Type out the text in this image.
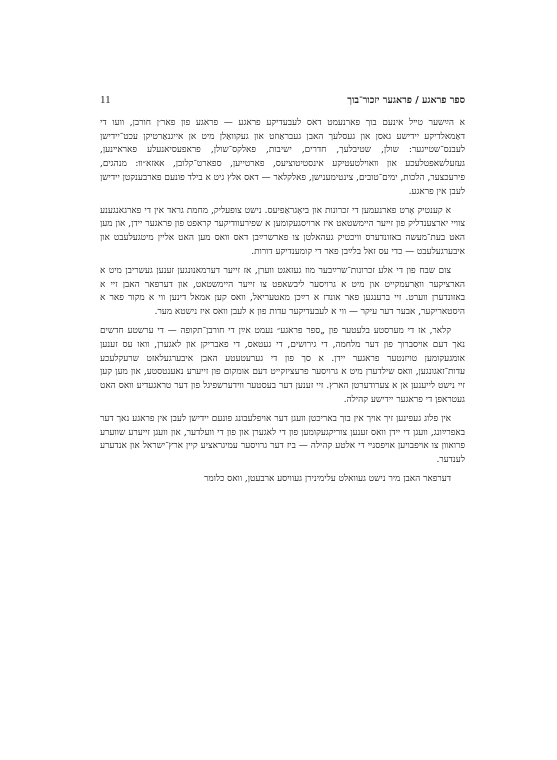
11	ספר פראגע / פראגער יזכור־בוך

א הײַשער טײל אינעם בוך פארנעמט דאס לעבעדיקע פראגע — פראגע פון פאר׳ן חורבן, וועו די דאַמאלדיקע יידישע גאסן און געסלעך האבן געבראַוזט און געקוואַלן מיט אן אייגנאַרטיקן עכט־יידישן לעבנס־שטײגער: שולן, שטיבלעך, חדרים, ישיבות, פאלקס־שולן, פראפעסיאנעלע פאראײנען, געזעלשאפטלעכע און װאוילטעטיקע אינסטיטוציעס, פארטייען, ספארט־קלובן, אאזא״װ: מנהגים, פירעכצער, הלכות, ימים־טובים, צינטימענישן, פאלקלאר — דאס אלץ גיט א בילד פונעם פארבענקטן יידישן לעבן אין פראגע.

א קענטיק אָרט פארנעמען די זכרונות און ביאָגראַפיעס. נישט צופעליק, מחמת גראד אין די פארגאנגענע צוויי יארצענדליק פון זייער היימשטאט איז ארויסגעקומען א שפירעוודיקער קראפט פון פראגער יידן, און מען האט בעת־מעשה באזונדערס וויכטיק געהאלטן צו פארשרײַבן דאס וואס מען האט אליין מיטגעלעבט און איבערגעלעבט — כדי עס זאל בלײַבן פאר די קומענדיקע דורות.

צום שבח פון די אלע זכרונות־שרײַבער מוז געזאגט ווערן, אז זייער דערמאנונגען זענען געשריבן מיט א הארציקער וואַרעמקייט און מיט א גרויסער ליבשאפט צו זייער היימשטאט, און דערפאר האבן זיי א באזונדערן ווערט. זיי ברענגען פאר אונדז א רײַכן מאטעריאל, וואס קען אמאל דינען ווי א מקור פאר א היסטאריקער, אבער דער עיקר — ווי א לעבעדיקער עדות פון א לעבן וואס איז נישטא מער.

קלאר, אז די מערסטע בלעטער פון „ספר פראגע״ נעמט אײַן די חורבן־תקופה — די ערשטע חדשים נאך דעם אויסברוך פון דער מלחמה, די גירושים, די געטאס, די פאבריקן און לאגערן, וואו עס זענען אומגעקומען טויזנטער פראגער יידן. א סך פון די גערעטעטע האבן איבערגעלאזט שרעקלעכע עדות־זאגונגען, וואס שילדערן מיט א גרויסער פרעציזקייט דעם אומקום פון זייערע נאענטסטע, און מען קען זיי נישט לייענען אן א צערודערטן הארץ. זיי זענען דער בעסטער ווידערשפיגל פון דער טראגעדיע וואס האט געטראפן די פראגער יידישע קהילה.

אין פלוג געפינען זיך אויך אין בוך באריכטן וועגן דער אויפלעבונג פונעם יידישן לעבן אין פראגע נאך דער באפרײַונג, וועגן די יידן וואס זענען צוריקגעקומען פון די לאגערן און פון די וועלדער, און וועגן זייערע שווערע פרואוון צו אויפבויען אויפסניי די אלטע קהילה — ביז דער גרויסער עמיגראציע קיין ארץ־ישראל און אנדערע לענדער.

דערפאר האבן מיר נישט געוואלט עלימינירן געוויסע ארבעטן, וואס כלומר
